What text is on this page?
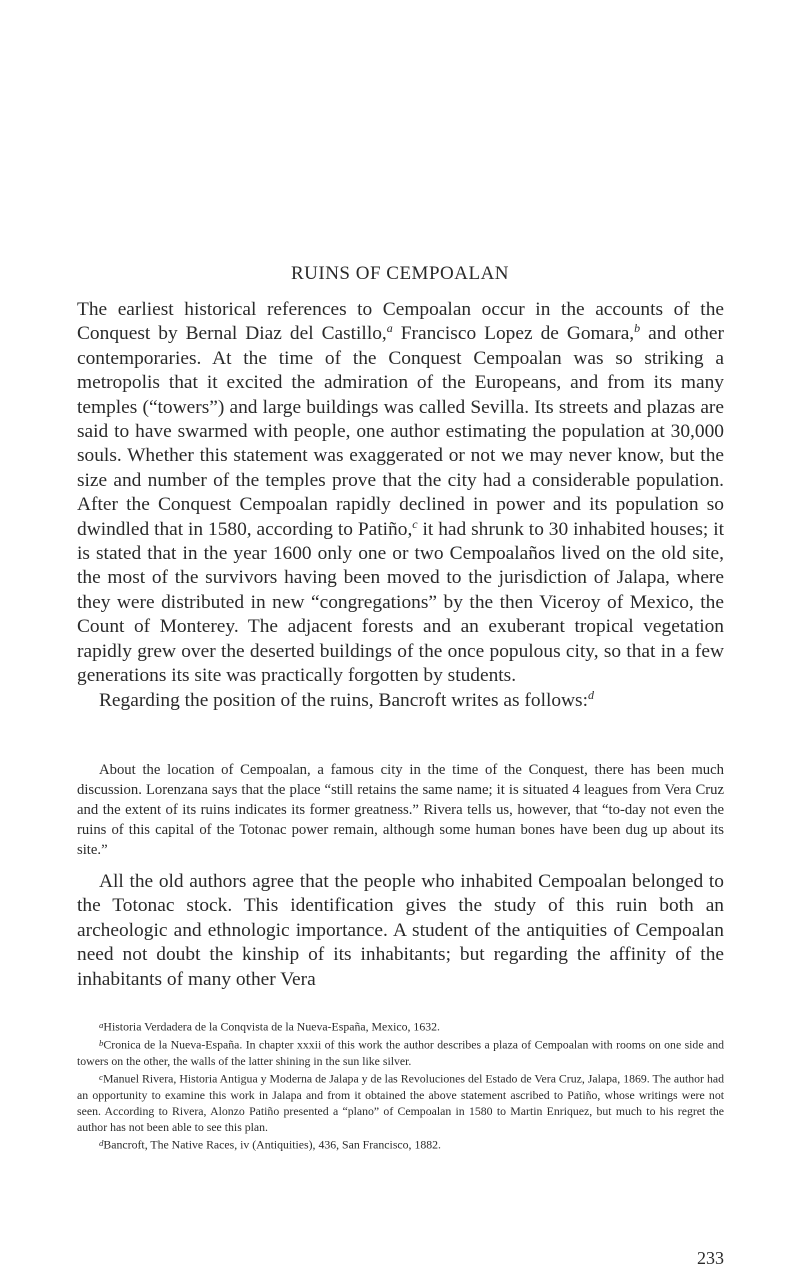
RUINS OF CEMPOALAN

The earliest historical references to Cempoalan occur in the accounts of the Conquest by Bernal Diaz del Castillo,$^a$ Francisco Lopez de Gomara,$^b$ and other contemporaries. At the time of the Conquest Cempoalan was so striking a metropolis that it excited the admiration of the Europeans, and from its many temples (“towers”) and large buildings was called Sevilla. Its streets and plazas are said to have swarmed with people, one author estimating the population at 30,000 souls. Whether this statement was exaggerated or not we may never know, but the size and number of the temples prove that the city had a considerable population. After the Conquest Cempoalan rapidly declined in power and its population so dwindled that in 1580, according to Patiño,$^c$ it had shrunk to 30 inhabited houses; it is stated that in the year 1600 only one or two Cempoalaños lived on the old site, the most of the survivors having been moved to the jurisdiction of Jalapa, where they were distributed in new “congregations” by the then Viceroy of Mexico, the Count of Monterey. The adjacent forests and an exuberant tropical vegetation rapidly grew over the deserted buildings of the once populous city, so that in a few generations its site was practically forgotten by students.

Regarding the position of the ruins, Bancroft writes as follows:$^d$

About the location of Cempoalan, a famous city in the time of the Conquest, there has been much discussion. Lorenzana says that the place “still retains the same name; it is situated 4 leagues from Vera Cruz and the extent of its ruins indicates its former greatness.” Rivera tells us, however, that “to-day not even the ruins of this capital of the Totonac power remain, although some human bones have been dug up about its site.”

All the old authors agree that the people who inhabited Cempoalan belonged to the Totonac stock. This identification gives the study of this ruin both an archeologic and ethnologic importance. A student of the antiquities of Cempoalan need not doubt the kinship of its inhabitants; but regarding the affinity of the inhabitants of many other Vera

$^a$Historia Verdadera de la Conqvista de la Nueva-España, Mexico, 1632.

$^b$Cronica de la Nueva-España. In chapter xxxii of this work the author describes a plaza of Cempoalan with rooms on one side and towers on the other, the walls of the latter shining in the sun like silver.

$^c$Manuel Rivera, Historia Antigua y Moderna de Jalapa y de las Revoluciones del Estado de Vera Cruz, Jalapa, 1869. The author had an opportunity to examine this work in Jalapa and from it obtained the above statement ascribed to Patiño, whose writings were not seen. According to Rivera, Alonzo Patiño presented a “plano” of Cempoalan in 1580 to Martin Enriquez, but much to his regret the author has not been able to see this plan.

$^d$Bancroft, The Native Races, iv (Antiquities), 436, San Francisco, 1882.

233
